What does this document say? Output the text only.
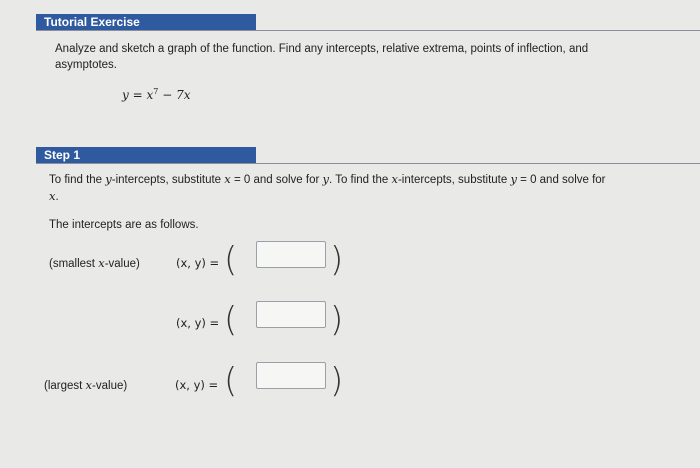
Tutorial Exercise
Analyze and sketch a graph of the function. Find any intercepts, relative extrema, points of inflection, and
asymptotes.
$y = x^7 - 7x$
Step 1
To find the y-intercepts, substitute x = 0 and solve for y. To find the x-intercepts, substitute y = 0 and solve for
x.
The intercepts are as follows.
(smallest x-value)	(x, y) = (	)
(x, y) = (	)
(largest x-value)	(x, y) = (	)
